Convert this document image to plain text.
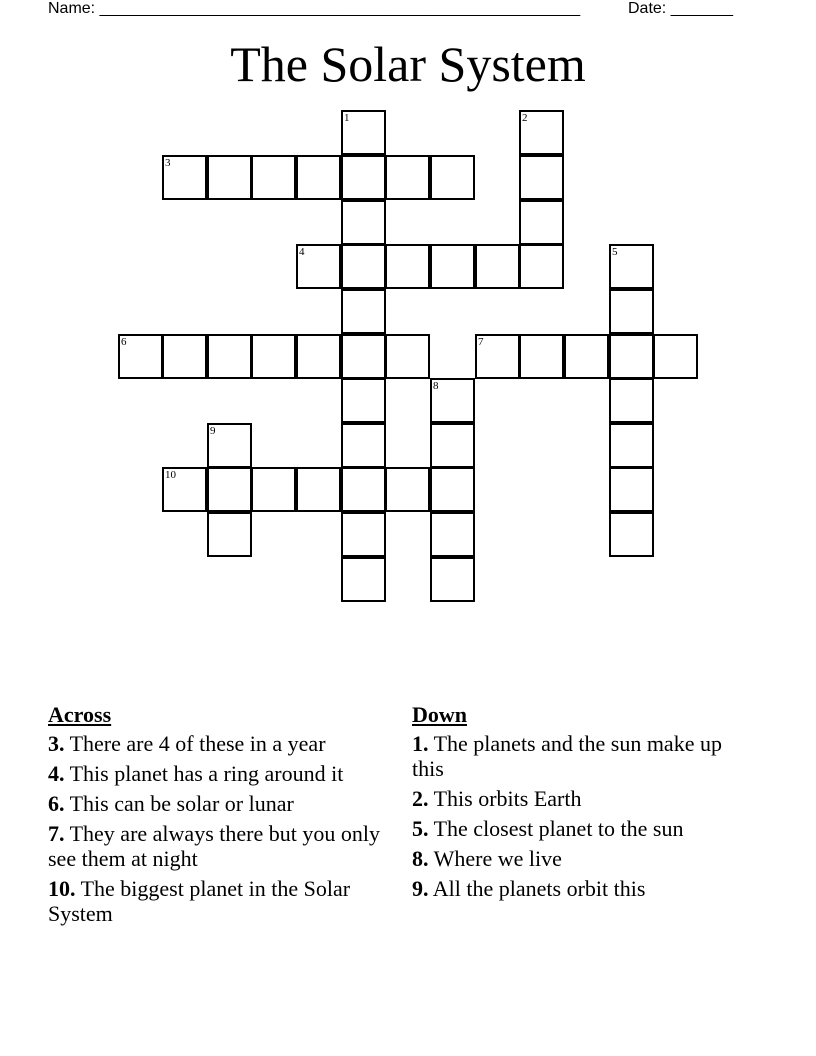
Name: ______________________________________________________	Date: _______
The Solar System
1	2
3
4	5
6	7
8
9
10
Across
3. There are 4 of these in a year
4. This planet has a ring around it
6. This can be solar or lunar
7. They are always there but you only see them at night
10. The biggest planet in the Solar System
Down
1. The planets and the sun make up this
2. This orbits Earth
5. The closest planet to the sun
8. Where we live
9. All the planets orbit this
